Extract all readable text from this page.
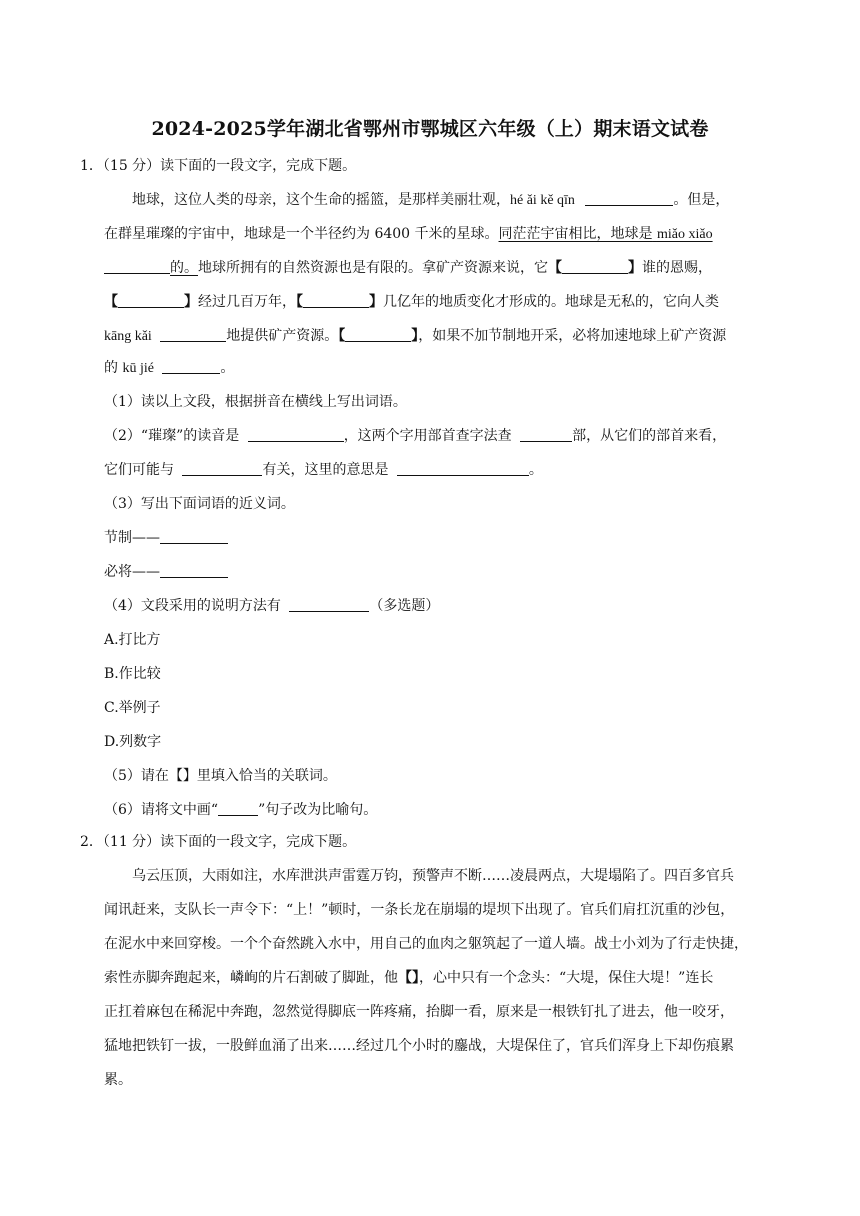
2024-2025学年湖北省鄂州市鄂城区六年级（上）期末语文试卷
1．（15 分）读下面的一段文字，完成下题。
地球，这位人类的母亲，这个生命的摇篮，是那样美丽壮观，hé ǎi kě qīn	。但是，
在群星璀璨的宇宙中，地球是一个半径约为 6400 千米的星球。同茫茫宇宙相比，地球是 miǎo xiǎo
的。地球所拥有的自然资源也是有限的。拿矿产资源来说，它【	】谁的恩赐，
【	】经过几百万年，【	】几亿年的地质变化才形成的。地球是无私的，它向人类
kāng kǎi	地提供矿产资源。【	】，如果不加节制地开采，必将加速地球上矿产资源
的 kū jié	。
（1）读以上文段，根据拼音在横线上写出词语。
（2）“璀璨”的读音是	，这两个字用部首查字法查	部，从它们的部首来看，
它们可能与	有关，这里的意思是	。
（3）写出下面词语的近义词。
节制——
必将——
（4）文段采用的说明方法有	（多选题）
A.打比方
B.作比较
C.举例子
D.列数字
（5）请在【】里填入恰当的关联词。
（6）请将文中画“	”句子改为比喻句。
2．（11 分）读下面的一段文字，完成下题。
乌云压顶，大雨如注，水库泄洪声雷霆万钧，预警声不断……凌晨两点，大堤塌陷了。四百多官兵
闻讯赶来，支队长一声令下：“上！”顿时，一条长龙在崩塌的堤坝下出现了。官兵们肩扛沉重的沙包，
在泥水中来回穿梭。一个个奋然跳入水中，用自己的血肉之躯筑起了一道人墙。战士小刘为了行走快捷，
索性赤脚奔跑起来，嶙峋的片石割破了脚趾，他【】，心中只有一个念头：“大堤，保住大堤！”连长
正扛着麻包在稀泥中奔跑，忽然觉得脚底一阵疼痛，抬脚一看，原来是一根铁钉扎了进去，他一咬牙，
猛地把铁钉一拔，一股鲜血涌了出来……经过几个小时的鏖战，大堤保住了，官兵们浑身上下却伤痕累
累。
